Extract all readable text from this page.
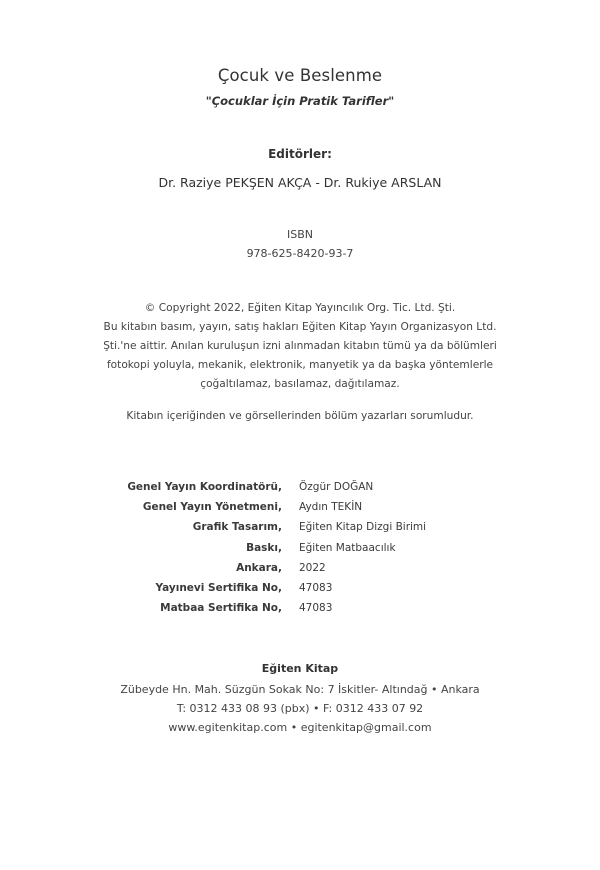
Çocuk ve Beslenme
"Çocuklar İçin Pratik Tarifler"
Editörler:
Dr. Raziye PEKŞEN AKÇA - Dr. Rukiye ARSLAN
ISBN
978-625-8420-93-7
© Copyright 2022, Eğiten Kitap Yayıncılık Org. Tic. Ltd. Şti.
Bu kitabın basım, yayın, satış hakları Eğiten Kitap Yayın Organizasyon Ltd.
Şti.'ne aittir. Anılan kuruluşun izni alınmadan kitabın tümü ya da bölümleri
fotokopi yoluyla, mekanik, elektronik, manyetik ya da başka yöntemlerle
çoğaltılamaz, basılamaz, dağıtılamaz.
Kitabın içeriğinden ve görsellerinden bölüm yazarları sorumludur.
Genel Yayın Koordinatörü, Özgür DOĞAN
Genel Yayın Yönetmeni, Aydın TEKİN
Grafik Tasarım, Eğiten Kitap Dizgi Birimi
Baskı, Eğiten Matbaacılık
Ankara, 2022
Yayınevi Sertifika No, 47083
Matbaa Sertifika No, 47083
Eğiten Kitap
Zübeyde Hn. Mah. Süzgün Sokak No: 7 İskitler- Altındağ • Ankara
T: 0312 433 08 93 (pbx) • F: 0312 433 07 92
www.egitenkitap.com • egitenkitap@gmail.com
